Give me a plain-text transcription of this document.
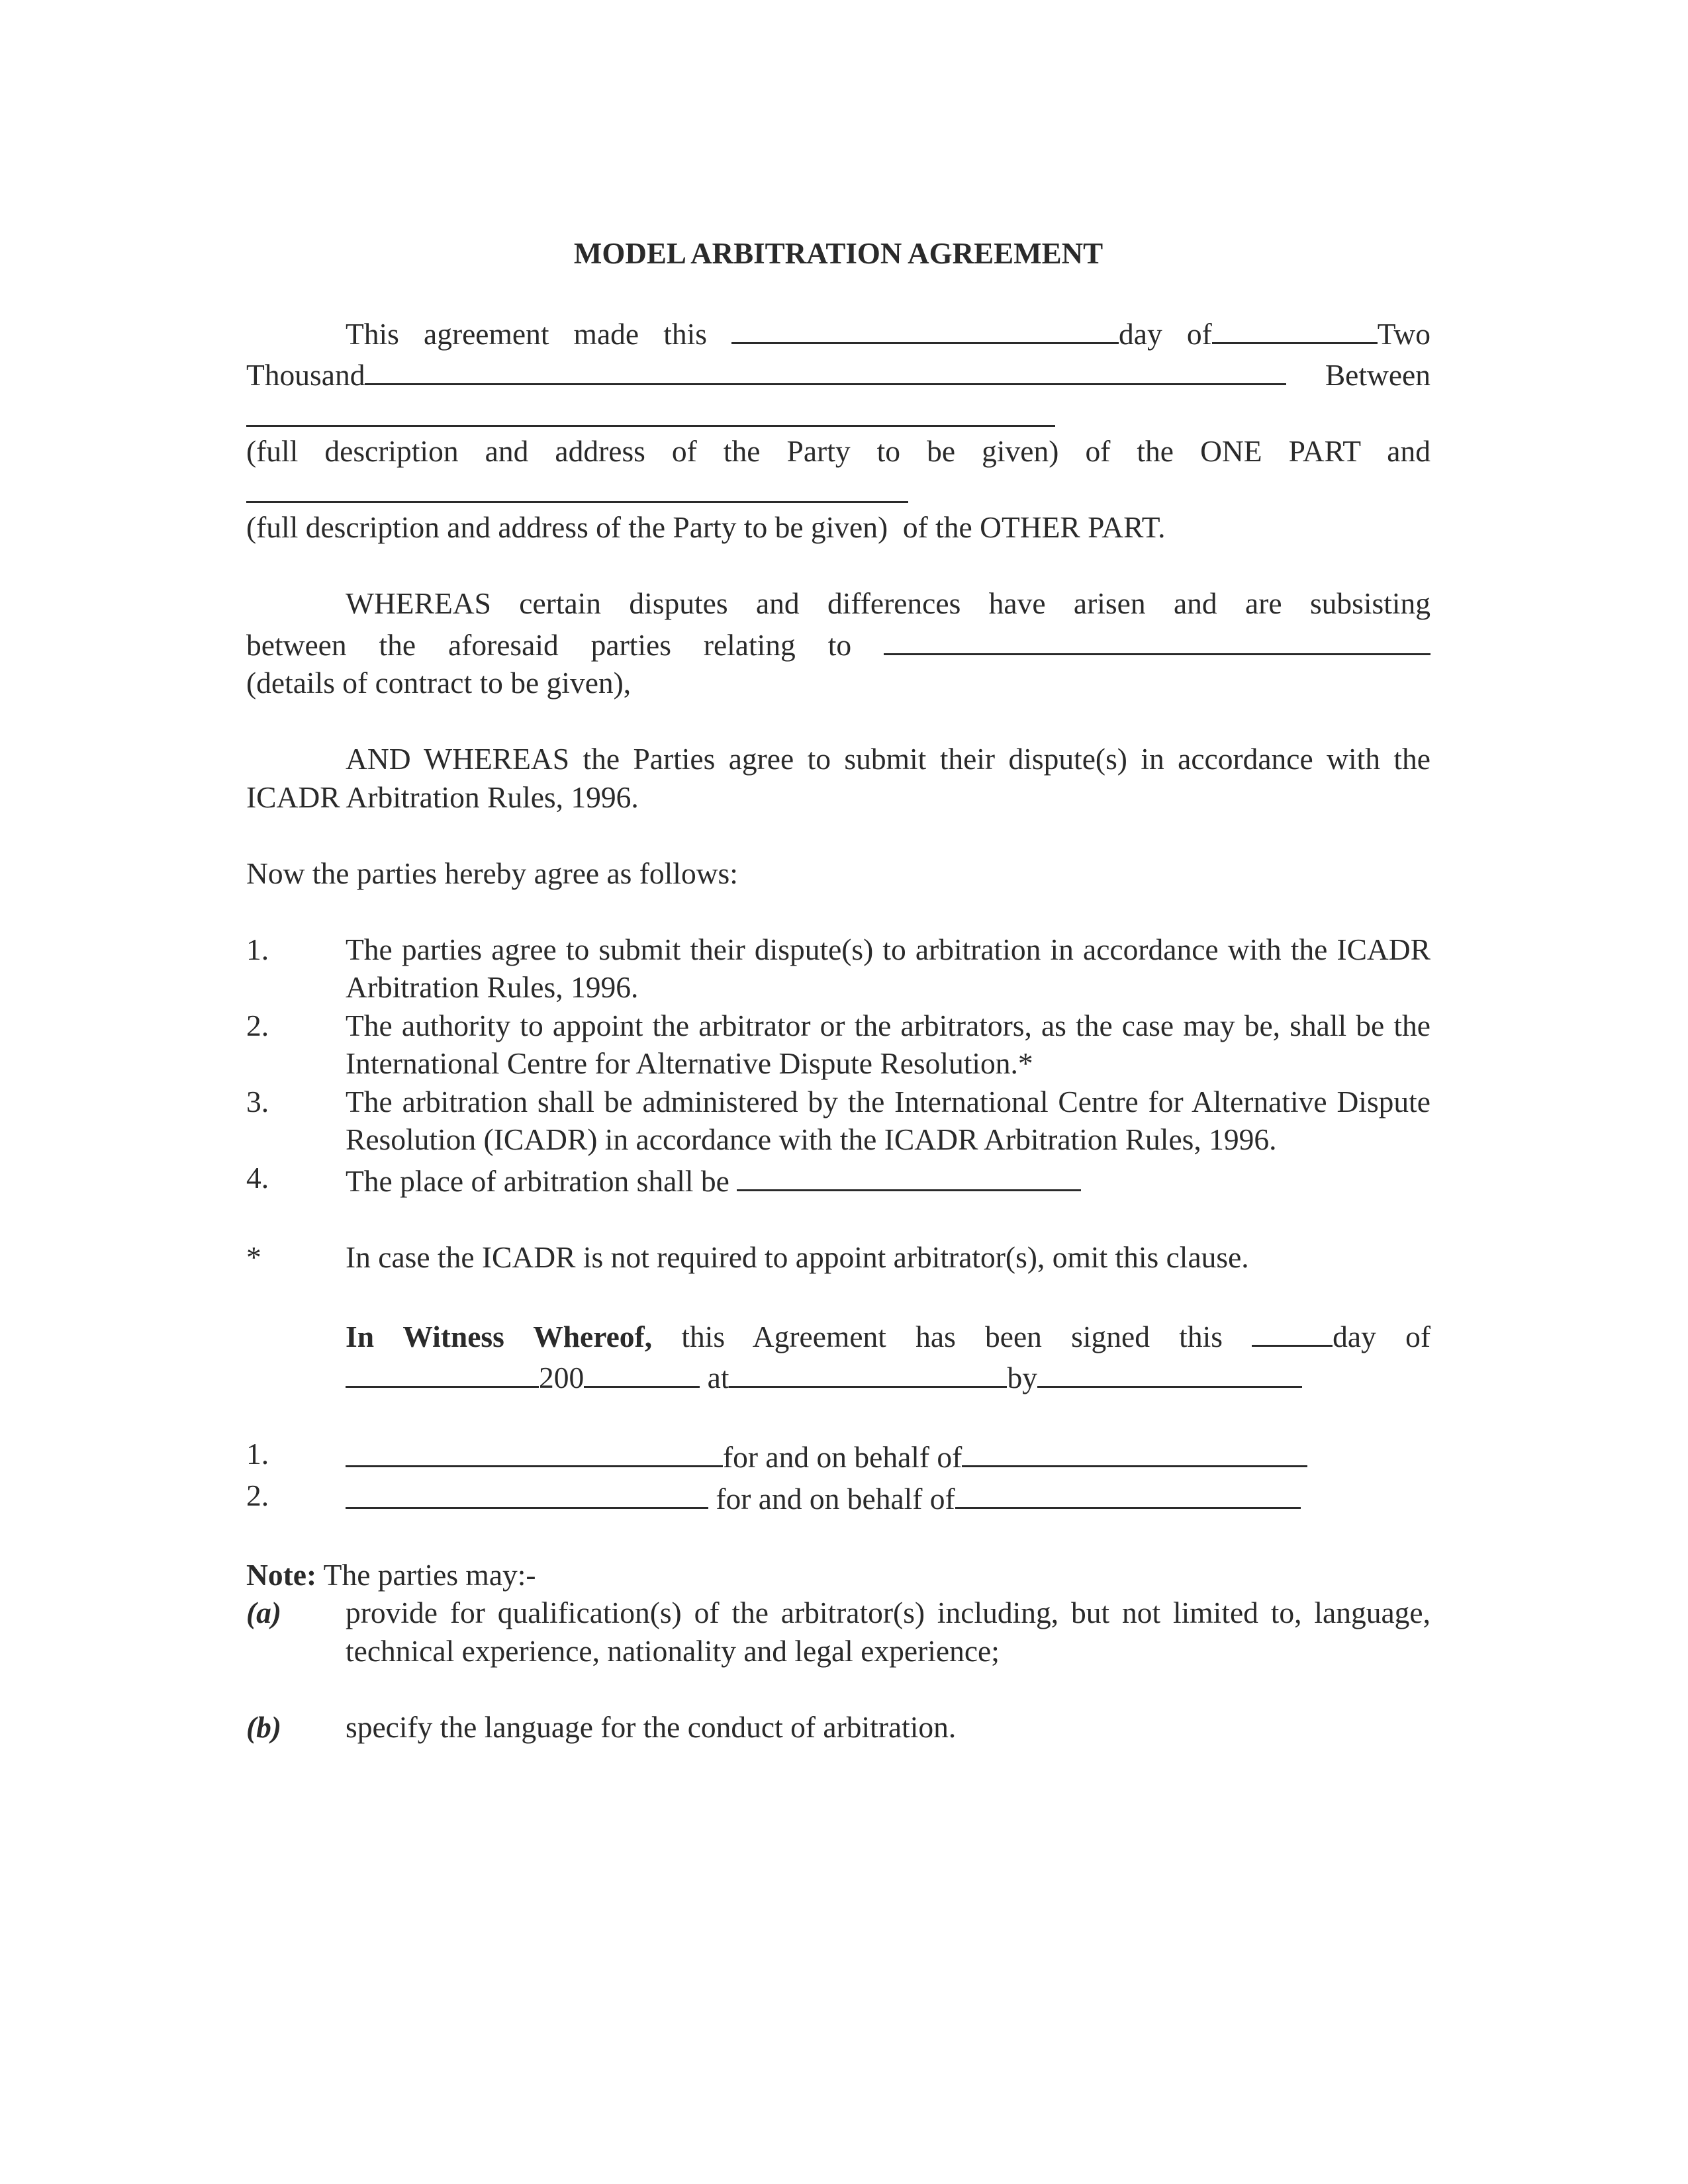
MODEL ARBITRATION AGREEMENT
This agreement made this	day of	Two
Thousand	Between
(full description and address of the Party to be given) of the ONE PART and
(full description and address of the Party to be given)  of the OTHER PART.
WHEREAS certain disputes and differences have arisen and are subsisting
between the aforesaid parties relating to
(details of contract to be given),
AND WHEREAS the Parties agree to submit their dispute(s) in accordance with the ICADR Arbitration Rules, 1996.
Now the parties hereby agree as follows:
1.	The parties agree to submit their dispute(s) to arbitration in accordance with the ICADR Arbitration Rules, 1996.
2.	The authority to appoint the arbitrator or the arbitrators, as the case may be, shall be the International Centre for Alternative Dispute Resolution.*
3.	The arbitration shall be administered by the International Centre for Alternative Dispute Resolution (ICADR) in accordance with the ICADR Arbitration Rules, 1996.
4.	The place of arbitration shall be
*	In case the ICADR is not required to appoint arbitrator(s), omit this clause.
In Witness Whereof, this Agreement has been signed this	day of
200	at	by
1.	for and on behalf of
2.	for and on behalf of
Note: The parties may:-
(a)	provide for qualification(s) of the arbitrator(s) including, but not limited to, language, technical experience, nationality and legal experience;
(b)	specify the language for the conduct of arbitration.
